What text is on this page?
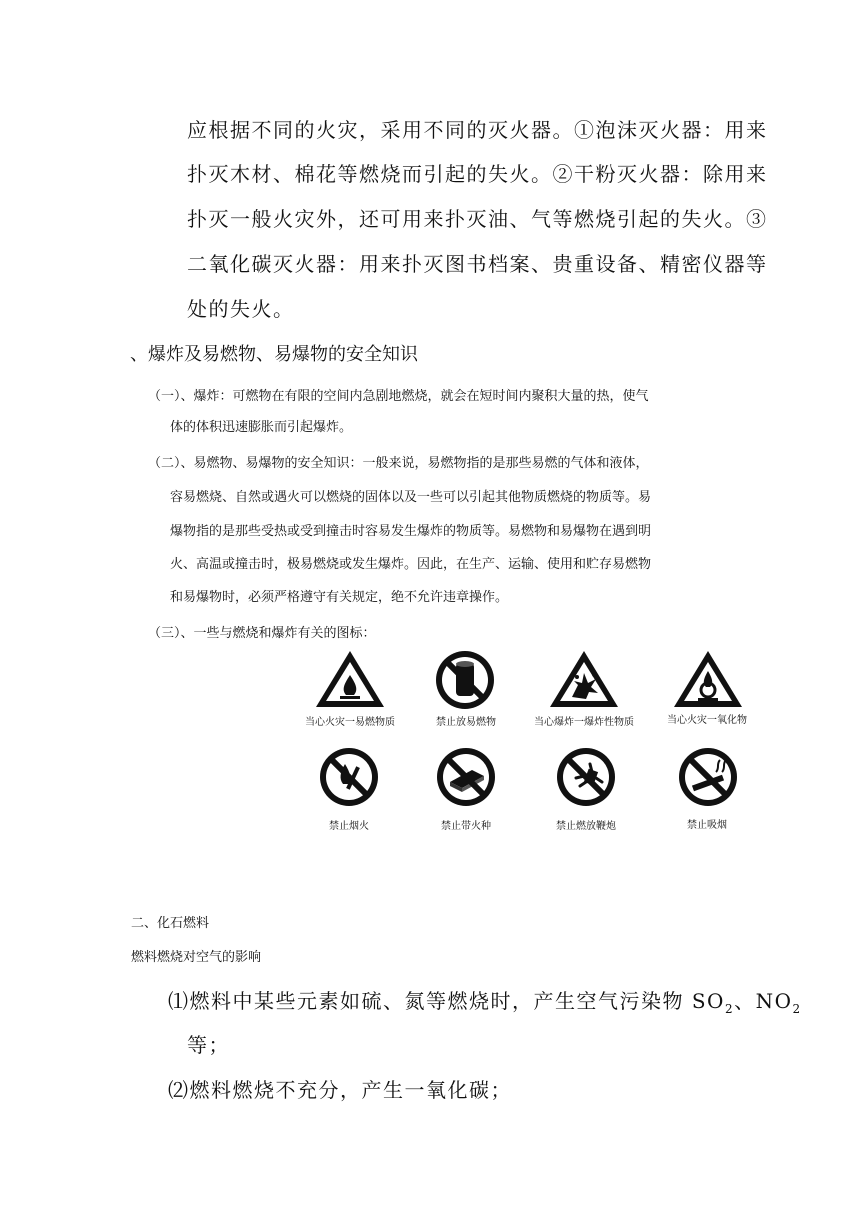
应根据不同的火灾，采用不同的灭火器。①泡沫灭火器：用来
扑灭木材、棉花等燃烧而引起的失火。②干粉灭火器：除用来
扑灭一般火灾外，还可用来扑灭油、气等燃烧引起的失火。③
二氧化碳灭火器：用来扑灭图书档案、贵重设备、精密仪器等
处的失火。
、爆炸及易燃物、易爆物的安全知识
（一）、爆炸：可燃物在有限的空间内急剧地燃烧，就会在短时间内聚积大量的热，使气
体的体积迅速膨胀而引起爆炸。
（二）、易燃物、易爆物的安全知识：一般来说，易燃物指的是那些易燃的气体和液体，
容易燃烧、自然或遇火可以燃烧的固体以及一些可以引起其他物质燃烧的物质等。易
爆物指的是那些受热或受到撞击时容易发生爆炸的物质等。易燃物和易爆物在遇到明
火、高温或撞击时，极易燃烧或发生爆炸。因此，在生产、运输、使用和贮存易燃物
和易爆物时，必须严格遵守有关规定，绝不允许违章操作。
（三）、一些与燃烧和爆炸有关的图标：
当心火灾一易燃物质	禁止放易燃物	当心爆炸一爆炸性物质	当心火灾一氧化物
禁止烟火	禁止带火种	禁止燃放鞭炮	禁止吸烟
二、化石燃料
燃料燃烧对空气的影响
⑴燃料中某些元素如硫、氮等燃烧时，产生空气污染物 $SO_2$、$NO_2$
等；
⑵燃料燃烧不充分，产生一氧化碳；
